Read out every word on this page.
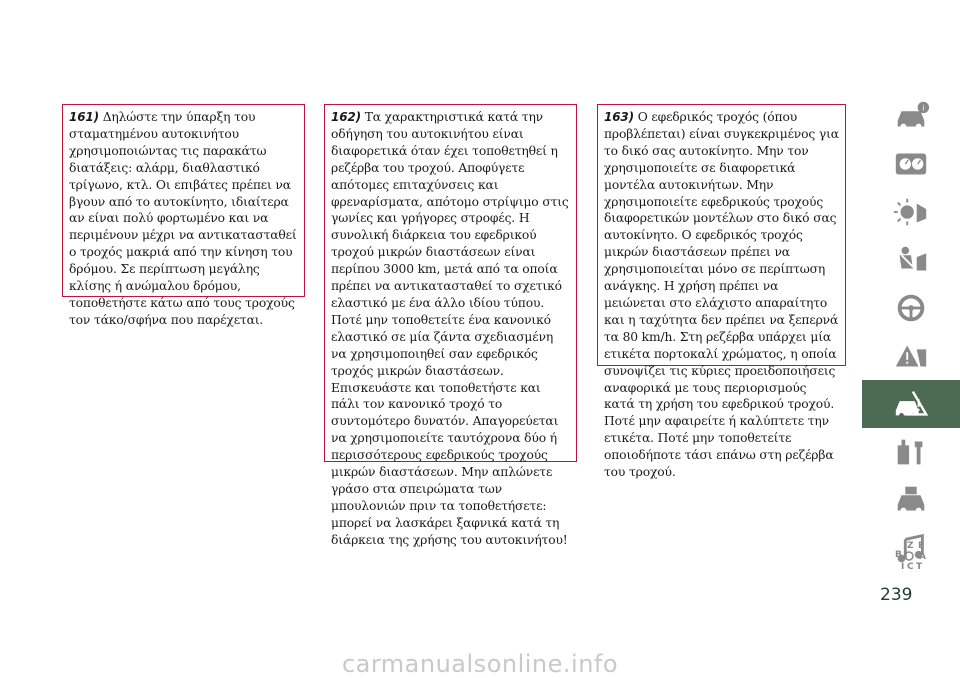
161) Δηλώστε την ύπαρξη του σταματημένου αυτοκινήτου χρησιμοποιώντας τις παρακάτω διατάξεις: αλάρμ, διαθλαστικό τρίγωνο, κτλ. Οι επιβάτες πρέπει να βγουν από το αυτοκίνητο, ιδιαίτερα αν είναι πολύ φορτωμένο και να περιμένουν μέχρι να αντικατασταθεί ο τροχός μακριά από την κίνηση του δρόμου. Σε περίπτωση μεγάλης κλίσης ή ανώμαλου δρόμου, τοποθετήστε κάτω από τους τροχούς τον τάκο/σφήνα που παρέχεται.

162) Τα χαρακτηριστικά κατά την οδήγηση του αυτοκινήτου είναι διαφορετικά όταν έχει τοποθετηθεί η ρεζέρβα του τροχού. Αποφύγετε απότομες επιταχύνσεις και φρεναρίσματα, απότομο στρίψιμο στις γωνίες και γρήγορες στροφές. Η συνολική διάρκεια του εφεδρικού τροχού μικρών διαστάσεων είναι περίπου 3000 km, μετά από τα οποία πρέπει να αντικατασταθεί το σχετικό ελαστικό με ένα άλλο ιδίου τύπου. Ποτέ μην τοποθετείτε ένα κανονικό ελαστικό σε μία ζάντα σχεδιασμένη να χρησιμοποιηθεί σαν εφεδρικός τροχός μικρών διαστάσεων. Επισκευάστε και τοποθετήστε και πάλι τον κανονικό τροχό το συντομότερο δυνατόν. Απαγορεύεται να χρησιμοποιείτε ταυτόχρονα δύο ή περισσότερους εφεδρικούς τροχούς μικρών διαστάσεων. Μην απλώνετε γράσο στα σπειρώματα των μπουλονιών πριν τα τοποθετήσετε: μπορεί να λασκάρει ξαφνικά κατά τη διάρκεια της χρήσης του αυτοκινήτου!

163) Ο εφεδρικός τροχός (όπου προβλέπεται) είναι συγκεκριμένος για το δικό σας αυτοκίνητο. Μην τον χρησιμοποιείτε σε διαφορετικά μοντέλα αυτοκινήτων. Μην χρησιμοποιείτε εφεδρικούς τροχούς διαφορετικών μοντέλων στο δικό σας αυτοκίνητο. Ο εφεδρικός τροχός μικρών διαστάσεων πρέπει να χρησιμοποιείται μόνο σε περίπτωση ανάγκης. Η χρήση πρέπει να μειώνεται στο ελάχιστο απαραίτητο και η ταχύτητα δεν πρέπει να ξεπερνά τα 80 km/h. Στη ρεζέρβα υπάρχει μία ετικέτα πορτοκαλί χρώματος, η οποία συνοψίζει τις κύριες προειδοποιήσεις αναφορικά με τους περιορισμούς κατά τη χρήση του εφεδρικού τροχού. Ποτέ μην αφαιρείτε ή καλύπτετε την ετικέτα. Ποτέ μην τοποθετείτε οποιοδήποτε τάσι επάνω στη ρεζέρβα του τροχού.

i
Z E
B A
I C T
239
carmanualsonline.info
